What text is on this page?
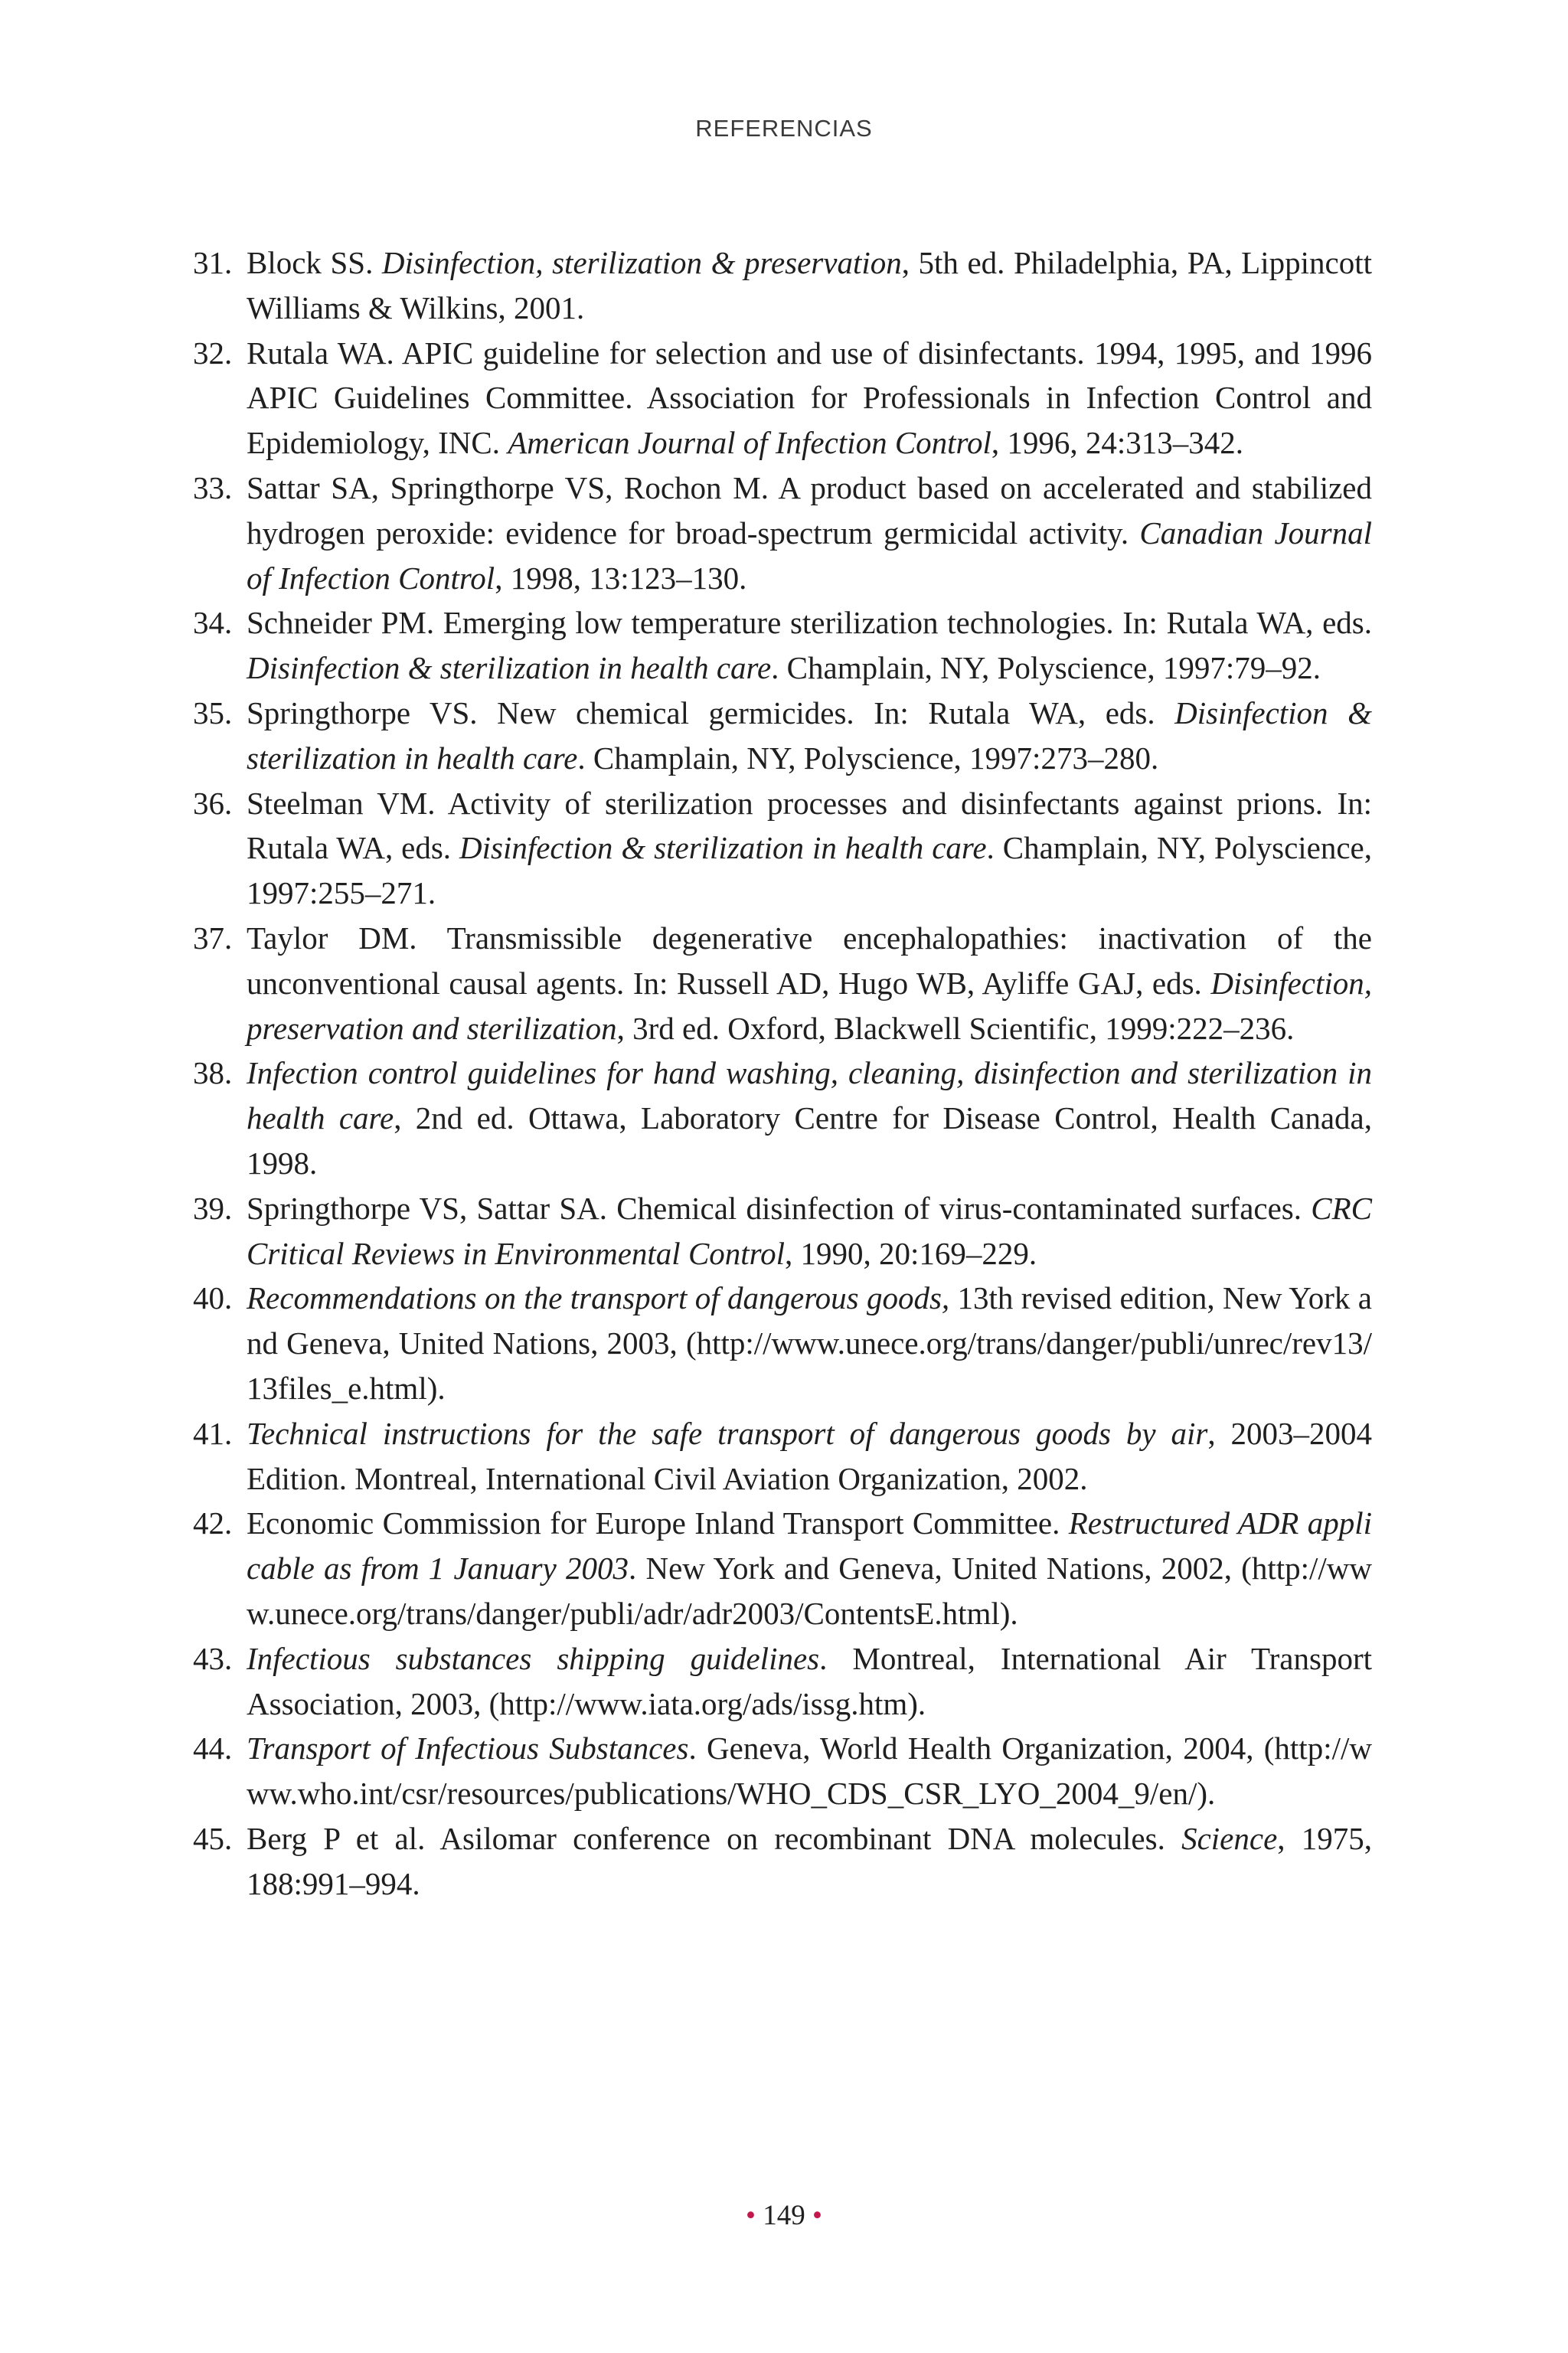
REFERENCIAS
31. Block SS. Disinfection, sterilization & preservation, 5th ed. Philadelphia, PA, Lippincott Williams & Wilkins, 2001.
32. Rutala WA. APIC guideline for selection and use of disinfectants. 1994, 1995, and 1996 APIC Guidelines Committee. Association for Professionals in Infection Control and Epidemiology, INC. American Journal of Infection Control, 1996, 24:313–342.
33. Sattar SA, Springthorpe VS, Rochon M. A product based on accelerated and stabilized hydrogen peroxide: evidence for broad-spectrum germicidal activity. Canadian Journal of Infection Control, 1998, 13:123–130.
34. Schneider PM. Emerging low temperature sterilization technologies. In: Rutala WA, eds. Disinfection & sterilization in health care. Champlain, NY, Polyscience, 1997:79–92.
35. Springthorpe VS. New chemical germicides. In: Rutala WA, eds. Disinfection & sterilization in health care. Champlain, NY, Polyscience, 1997:273–280.
36. Steelman VM. Activity of sterilization processes and disinfectants against prions. In: Rutala WA, eds. Disinfection & sterilization in health care. Champlain, NY, Polyscience, 1997:255–271.
37. Taylor DM. Transmissible degenerative encephalopathies: inactivation of the unconventional causal agents. In: Russell AD, Hugo WB, Ayliffe GAJ, eds. Disinfection, preservation and sterilization, 3rd ed. Oxford, Blackwell Scientific, 1999:222–236.
38. Infection control guidelines for hand washing, cleaning, disinfection and sterilization in health care, 2nd ed. Ottawa, Laboratory Centre for Disease Control, Health Canada, 1998.
39. Springthorpe VS, Sattar SA. Chemical disinfection of virus-contaminated surfaces. CRC Critical Reviews in Environmental Control, 1990, 20:169–229.
40. Recommendations on the transport of dangerous goods, 13th revised edition, New York and Geneva, United Nations, 2003, (http://www.unece.org/trans/danger/publi/unrec/rev13/13files_e.html).
41. Technical instructions for the safe transport of dangerous goods by air, 2003–2004 Edition. Montreal, International Civil Aviation Organization, 2002.
42. Economic Commission for Europe Inland Transport Committee. Restructured ADR applicable as from 1 January 2003. New York and Geneva, United Nations, 2002, (http://www.unece.org/trans/danger/publi/adr/adr2003/ContentsE.html).
43. Infectious substances shipping guidelines. Montreal, International Air Transport Association, 2003, (http://www.iata.org/ads/issg.htm).
44. Transport of Infectious Substances. Geneva, World Health Organization, 2004, (http://www.who.int/csr/resources/publications/WHO_CDS_CSR_LYO_2004_9/en/).
45. Berg P et al. Asilomar conference on recombinant DNA molecules. Science, 1975, 188:991–994.
• 149 •
